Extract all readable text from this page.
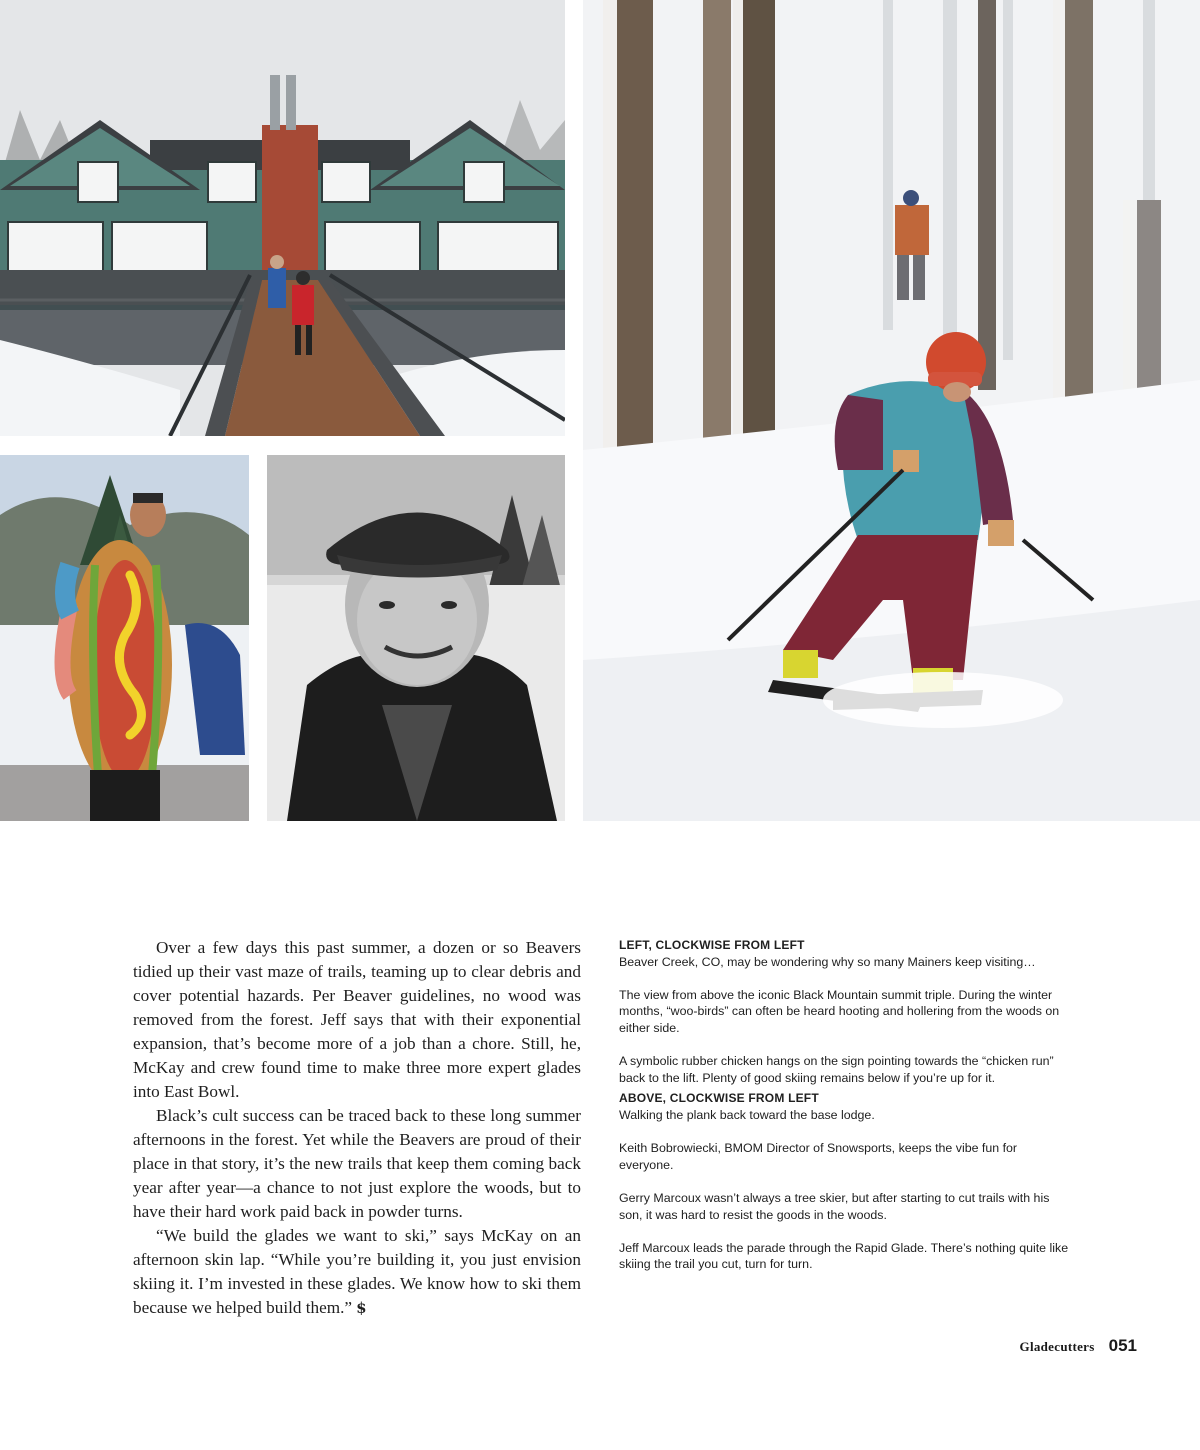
Over a few days this past summer, a dozen or so Beavers tidied up their vast maze of trails, teaming up to clear debris and cover potential hazards. Per Beaver guidelines, no wood was removed from the forest. Jeff says that with their exponential expansion, that’s become more of a job than a chore. Still, he, McKay and crew found time to make three more expert glades into East Bowl.

Black’s cult success can be traced back to these long summer afternoons in the forest. Yet while the Beavers are proud of their place in that story, it’s the new trails that keep them coming back year after year—a chance to not just explore the woods, but to have their hard work paid back in powder turns.

“We build the glades we want to ski,” says McKay on an afternoon skin lap. “While you’re building it, you just envision skiing it. I’m invested in these glades. We know how to ski them because we helped build them.” $

LEFT, CLOCKWISE FROM LEFT

Beaver Creek, CO, may be wondering why so many Mainers keep visiting…

The view from above the iconic Black Mountain summit triple. During the winter months, “woo-birds” can often be heard hooting and hollering from the woods on either side.

A symbolic rubber chicken hangs on the sign pointing towards the “chicken run” back to the lift. Plenty of good skiing remains below if you’re up for it.

ABOVE, CLOCKWISE FROM LEFT

Walking the plank back toward the base lodge.

Keith Bobrowiecki, BMOM Director of Snowsports, keeps the vibe fun for everyone.

Gerry Marcoux wasn’t always a tree skier, but after starting to cut trails with his son, it was hard to resist the goods in the woods.

Jeff Marcoux leads the parade through the Rapid Glade. There’s nothing quite like skiing the trail you cut, turn for turn.

Gladecutters 051
